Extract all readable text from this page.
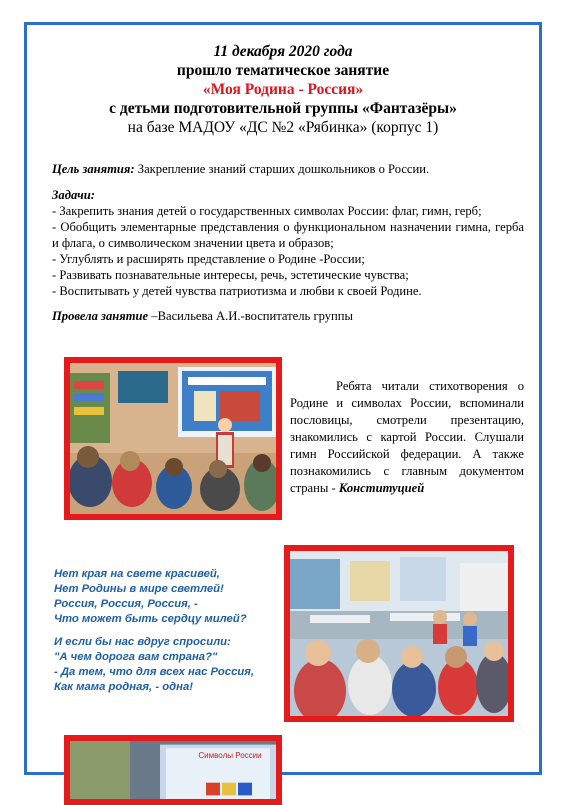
11 декабря 2020 года
прошло тематическое занятие
«Моя Родина - Россия»
с детьми подготовительной группы «Фантазёры»
на базе МАДОУ «ДС №2 «Рябинка» (корпус 1)
Цель занятия: Закрепление знаний старших дошкольников о России.
Задачи:
- Закрепить знания детей о государственных символах России: флаг, гимн, герб;
- Обобщить элементарные представления о функциональном назначении гимна, герба и флага, о символическом значении цвета и образов;
- Углублять и расширять представление о Родине -России;
- Развивать познавательные интересы, речь, эстетические чувства;
- Воспитывать у детей чувства патриотизма и любви к своей Родине.
Провела занятие –Васильева А.И.-воспитатель группы
Ребята читали стихотворения о Родине и символах России, вспоминали пословицы, смотрели презентацию, знакомились с картой России. Слушали гимн Российской федерации. А также познакомились с главным документом страны - Конституцией
Нет края на свете красивей,
Нет Родины в мире светлей!
Россия, Россия, Россия, -
Что может быть сердцу милей?
И если бы нас вдруг спросили:
"А чем дорога вам страна?"
- Да тем, что для всех нас Россия,
Как мама родная, - одна!
Символы России
